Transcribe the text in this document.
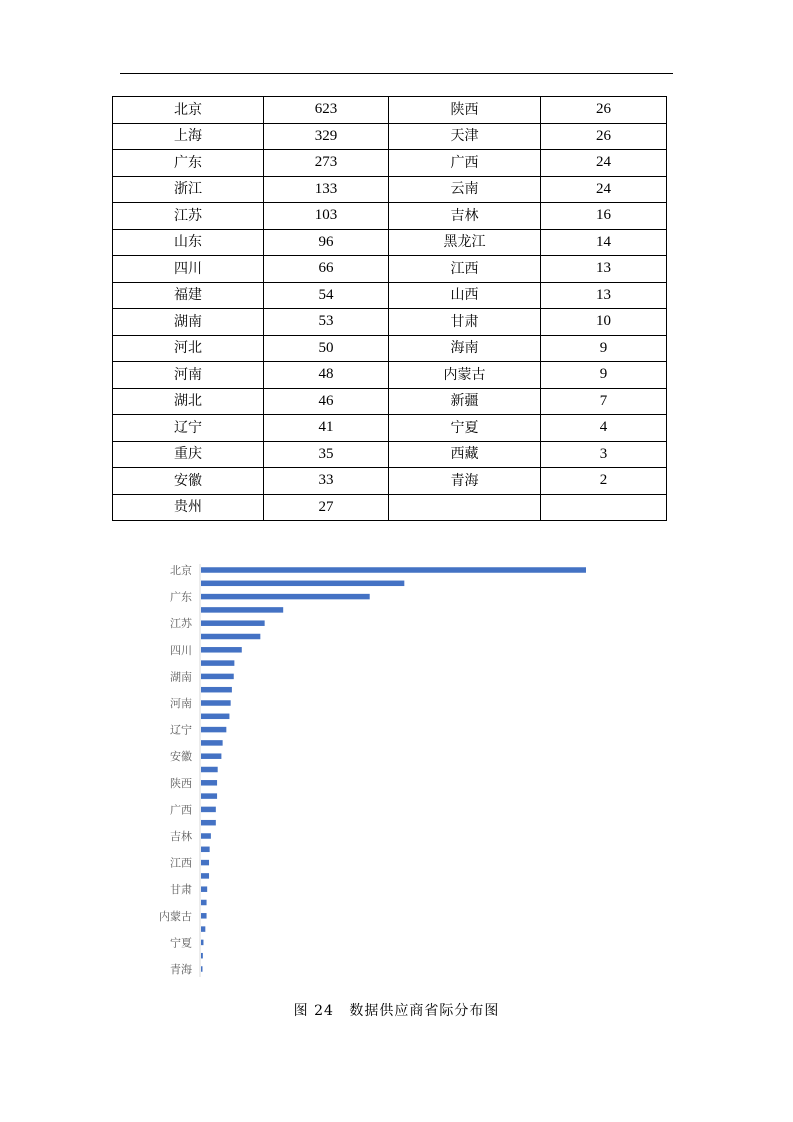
北京	623	陕西	26
上海	329	天津	26
广东	273	广西	24
浙江	133	云南	24
江苏	103	吉林	16
山东	96	黑龙江	14
四川	66	江西	13
福建	54	山西	13
湖南	53	甘肃	10
河北	50	海南	9
河南	48	内蒙古	9
湖北	46	新疆	7
辽宁	41	宁夏	4
重庆	35	西藏	3
安徽	33	青海	2
贵州	27		
北京
广东
江苏
四川
湖南
河南
辽宁
安徽
陕西
广西
吉林
江西
甘肃
内蒙古
宁夏
青海
图 24 数据供应商省际分布图
